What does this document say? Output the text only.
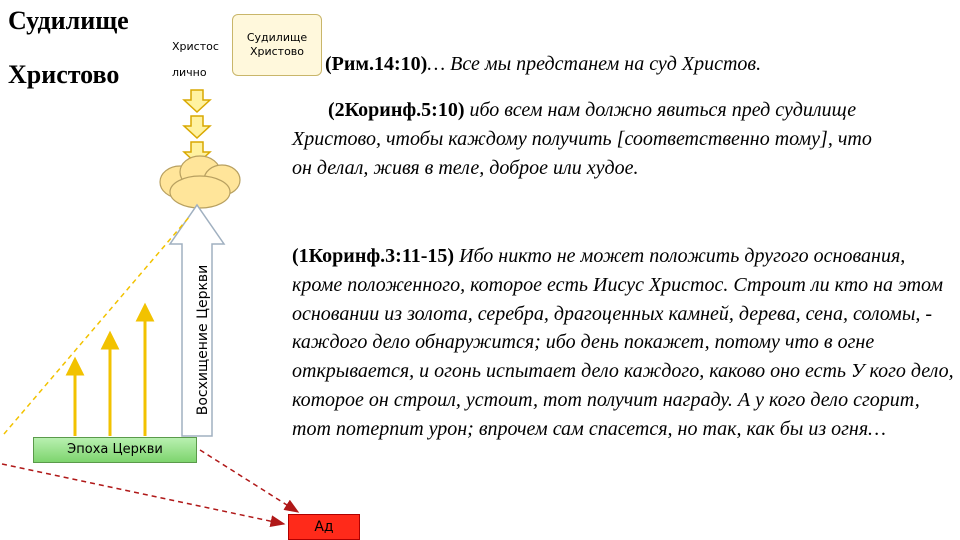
Судилище
Христово
Христос
лично
Судилище
Христово
Восхищение Церкви
Эпоха Церкви
Ад
(Рим.14:10)… Все мы предстанем на суд Христов.
(2Коринф.5:10) ибо всем нам должно явиться пред судилище Христово, чтобы каждому получить [соответственно тому], что он делал, живя в теле, доброе или худое.
(1Коринф.3:11-15) Ибо никто не может положить другого основания, кроме положенного, которое есть Иисус Христос. Строит ли кто на этом основании из золота, серебра, драгоценных камней, дерева, сена, соломы, - каждого дело обнаружится; ибо день покажет, потому что в огне открывается, и огонь испытает дело каждого, каково оно есть У кого дело, которое он строил, устоит, тот получит награду. А у кого дело сгорит, тот потерпит урон; впрочем сам спасется, но так, как бы из огня…
